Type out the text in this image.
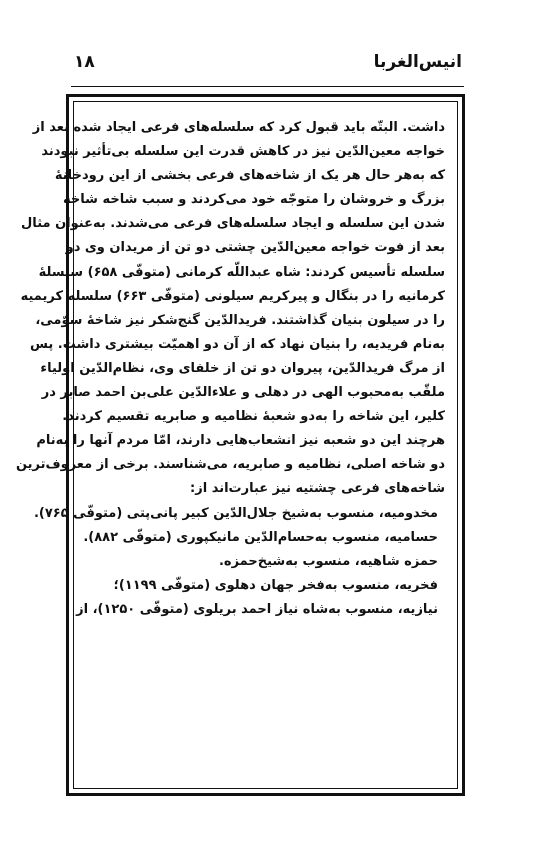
۱۸	انیس‌الغربا
داشت. البتّه باید قبول کرد که سلسله‌های فرعی ایجاد شده بعد از
خواجه معین‌الدّین نیز در کاهش قدرت این سلسله بی‌تأثیر نبودند
که به‌هر حال هر یک از شاخه‌های فرعی بخشی از این رودخانهٔ
بزرگ و خروشان را متوجّه خود می‌کردند و سبب شاخه شاخه
شدن این سلسله و ایجاد سلسله‌های فرعی می‌شدند. به‌عنوان مثال
بعد از فوت خواجه معین‌الدّین چشتی دو تن از مریدان وی دو
سلسله تأسیس کردند: شاه عبداللّه کرمانی (متوفّی ۶۵۸) سلسلهٔ
کرمانیه را در بنگال و پیرکریم سیلونی (متوفّی ۶۶۳) سلسله کریمیه
را در سیلون بنیان گذاشتند. فریدالدّین گنج‌شکر نیز شاخهٔ سوّمی،
به‌نام فریدیه، را بنیان نهاد که از آن دو اهمیّت بیشتری داشت. پس
از مرگ فریدالدّین، پیروان دو تن از خلفای وی، نظام‌الدّین اولیاء
ملقّب به‌محبوب الهی در دهلی و علاءالدّین علی‌بن احمد صابر در
کلیر، این شاخه را به‌دو شعبهٔ نظامیه و صابریه تقسیم کردند.
هرچند این دو شعبه نیز انشعاب‌هایی دارند، امّا مردم آنها را به‌نام
دو شاخه اصلی، نظامیه و صابریه، می‌شناسند. برخی از معروف‌ترین
شاخه‌های فرعی چشتیه نیز عبارت‌اند از:
مخدومیه، منسوب به‌شیخ جلال‌الدّین کبیر پانی‌پتی (متوفّی ۷۶۵).
حسامیه، منسوب به‌حسام‌الدّین مانیکپوری (متوفّی ۸۸۲).
حمزه شاهیه، منسوب به‌شیخ‌حمزه.
فخریه، منسوب به‌فخر جهان دهلوی (متوفّی ۱۱۹۹)؛
نیازیه، منسوب به‌شاه نیاز احمد بریلوی (متوفّی ۱۲۵۰)، از
